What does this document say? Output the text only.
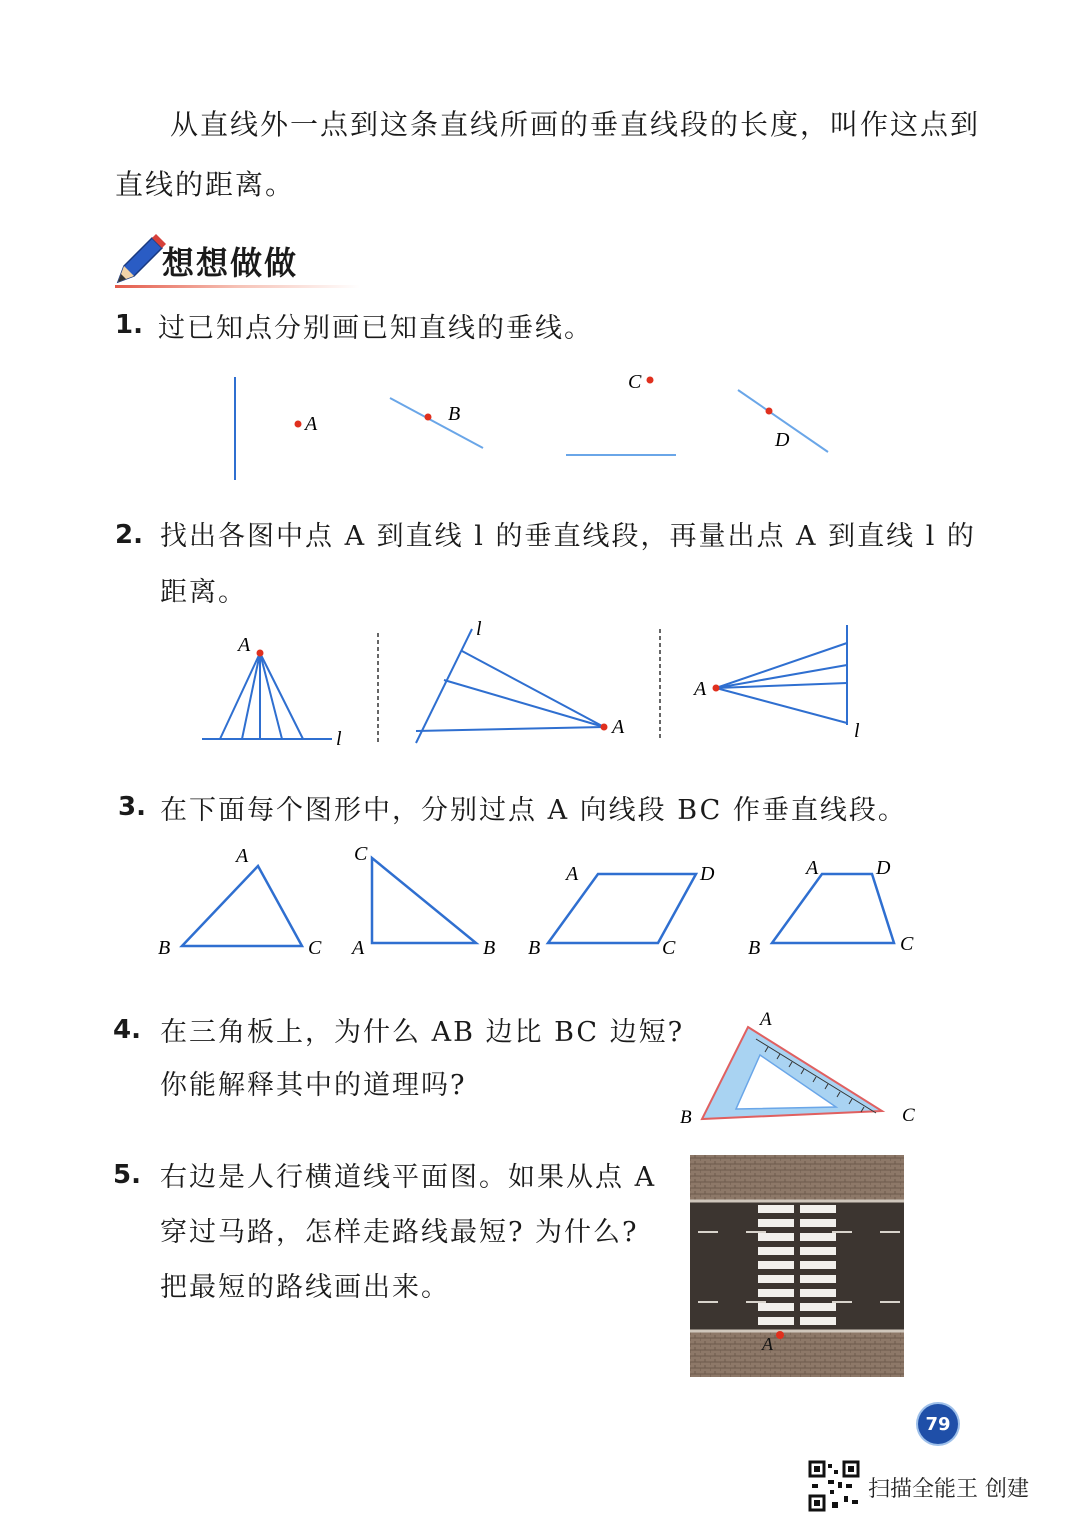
从直线外一点到这条直线所画的垂直线段的长度，叫作这点到
直线的距离。
想想做做
1. 过已知点分别画已知直线的垂线。
A	B
C
D
2. 找出各图中点 A 到直线 l 的垂直线段，再量出点 A 到直线 l 的
距离。
A
l
A
l
A
l
3. 在下面每个图形中，分别过点 A 向线段 BC 作垂直线段。
A
B	C
C
A	B
A	D
B	C
A	D
B	C
4. 在三角板上，为什么 AB 边比 BC 边短?
你能解释其中的道理吗?
A
B	C
5. 右边是人行横道线平面图。如果从点 A
穿过马路，怎样走路线最短? 为什么?
把最短的路线画出来。
A
79
扫描全能王 创建
